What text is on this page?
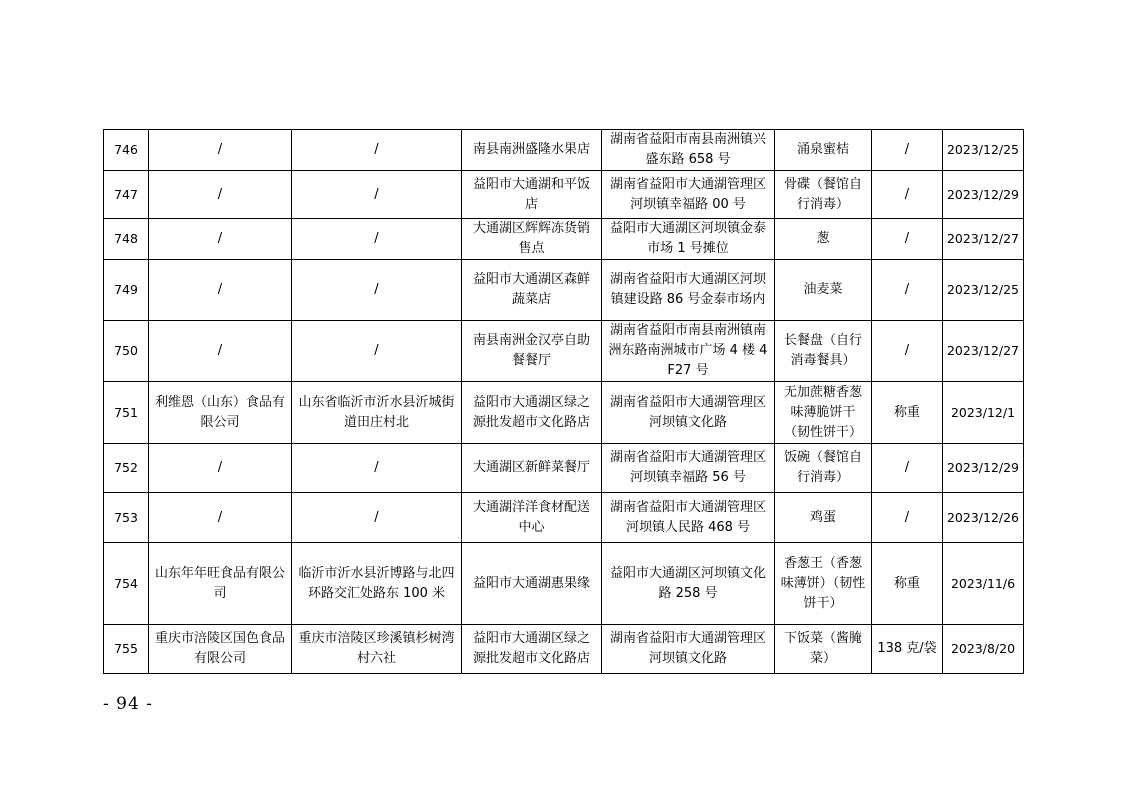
746	/	/	南县南洲盛隆水果店	湖南省益阳市南县南洲镇兴盛东路 658 号	涌泉蜜桔	/	2023/12/25
747	/	/	益阳市大通湖和平饭店	湖南省益阳市大通湖管理区河坝镇幸福路 00 号	骨碟（餐馆自行消毒）	/	2023/12/29
748	/	/	大通湖区辉辉冻货销售点	益阳市大通湖区河坝镇金泰市场 1 号摊位	葱	/	2023/12/27
749	/	/	益阳市大通湖区森鲜蔬菜店	湖南省益阳市大通湖区河坝镇建设路 86 号金泰市场内	油麦菜	/	2023/12/25
750	/	/	南县南洲金汉亭自助餐餐厅	湖南省益阳市南县南洲镇南洲东路南洲城市广场 4 楼 4F27 号	长餐盘（自行消毒餐具）	/	2023/12/27
751	利维恩（山东）食品有限公司	山东省临沂市沂水县沂城街道田庄村北	益阳市大通湖区绿之源批发超市文化路店	湖南省益阳市大通湖管理区河坝镇文化路	无加蔗糖香葱味薄脆饼干（韧性饼干）	称重	2023/12/1
752	/	/	大通湖区新鲜菜餐厅	湖南省益阳市大通湖管理区河坝镇幸福路 56 号	饭碗（餐馆自行消毒）	/	2023/12/29
753	/	/	大通湖洋洋食材配送中心	湖南省益阳市大通湖管理区河坝镇人民路 468 号	鸡蛋	/	2023/12/26
754	山东年年旺食品有限公司	临沂市沂水县沂博路与北四环路交汇处路东 100 米	益阳市大通湖惠果缘	益阳市大通湖区河坝镇文化路 258 号	香葱王（香葱味薄饼）（韧性饼干）	称重	2023/11/6
755	重庆市涪陵区国色食品有限公司	重庆市涪陵区珍溪镇杉树湾村六社	益阳市大通湖区绿之源批发超市文化路店	湖南省益阳市大通湖管理区河坝镇文化路	下饭菜（酱腌菜）	138 克/袋	2023/8/20
- 94 -
